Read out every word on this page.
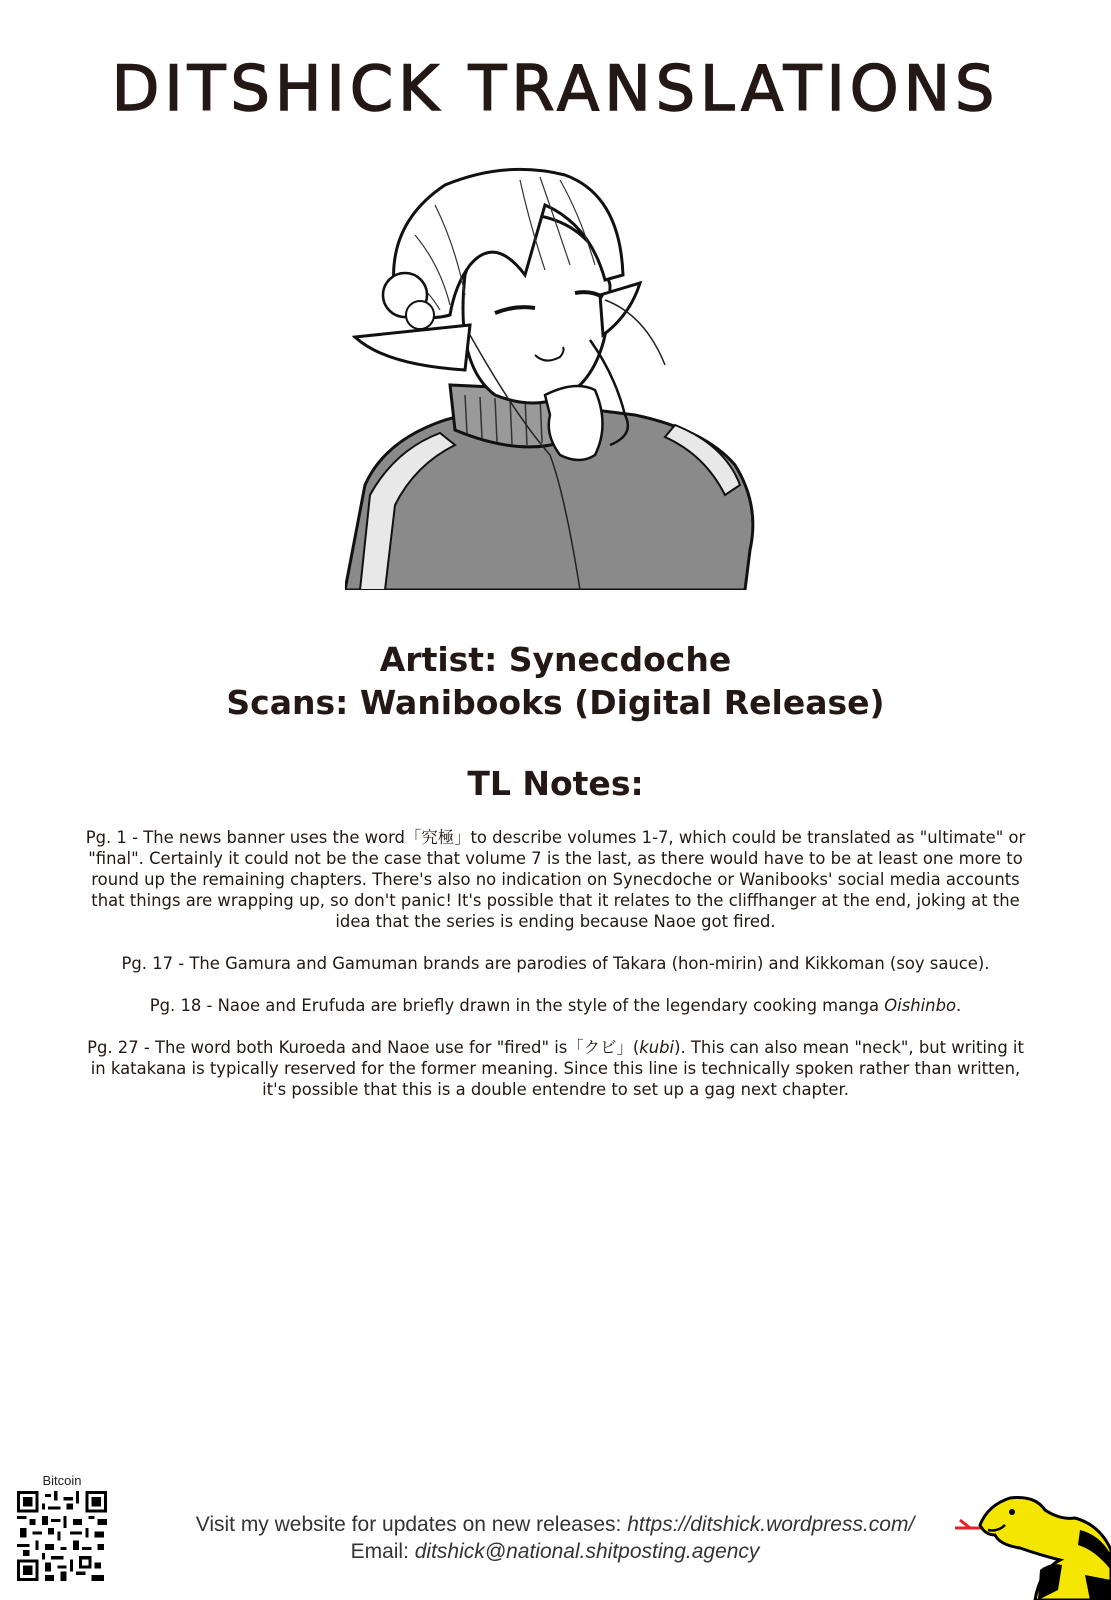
DITSHICK TRANSLATIONS
Artist: Synecdoche
Scans: Wanibooks (Digital Release)
TL Notes:

Pg. 1 - The news banner uses the word「究極」to describe volumes 1-7, which could be translated as "ultimate" or "final". Certainly it could not be the case that volume 7 is the last, as there would have to be at least one more to round up the remaining chapters. There's also no indication on Synecdoche or Wanibooks' social media accounts that things are wrapping up, so don't panic! It's possible that it relates to the cliffhanger at the end, joking at the idea that the series is ending because Naoe got fired.

Pg. 17 - The Gamura and Gamuman brands are parodies of Takara (hon-mirin) and Kikkoman (soy sauce).

Pg. 18 - Naoe and Erufuda are briefly drawn in the style of the legendary cooking manga Oishinbo.

Pg. 27 - The word both Kuroeda and Naoe use for "fired" is「クビ」(kubi). This can also mean "neck", but writing it in katakana is typically reserved for the former meaning. Since this line is technically spoken rather than written, it's possible that this is a double entendre to set up a gag next chapter.

Bitcoin
Visit my website for updates on new releases: https://ditshick.wordpress.com/
Email: ditshick@national.shitposting.agency
